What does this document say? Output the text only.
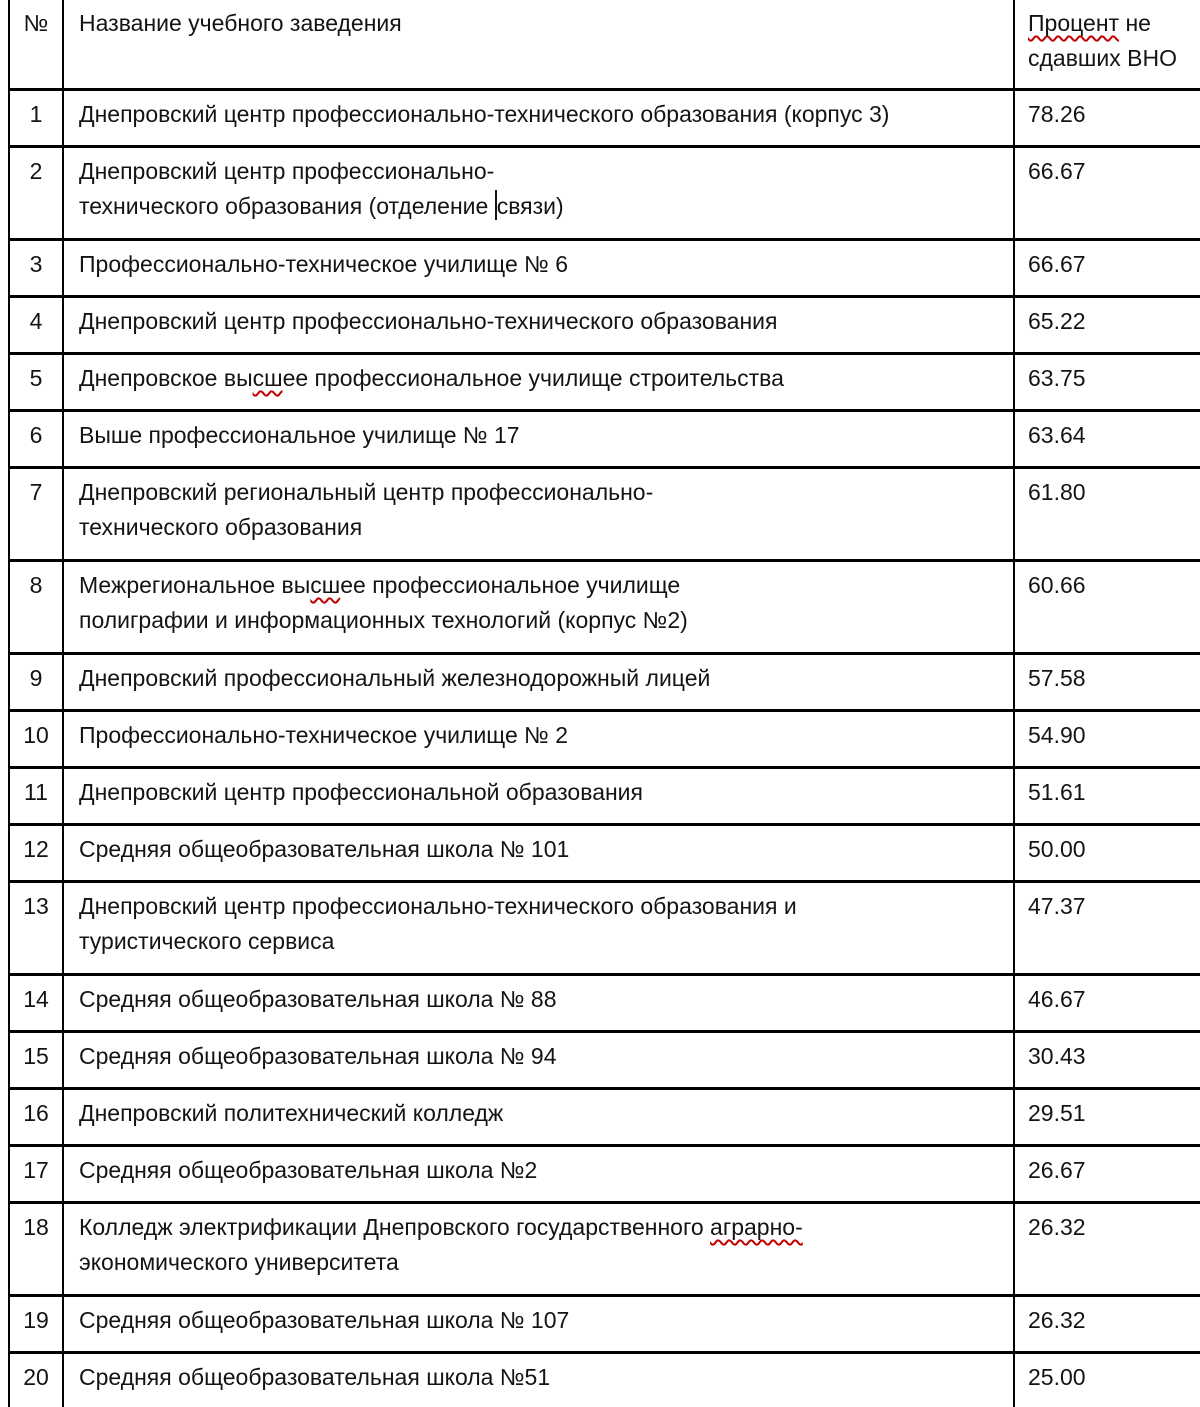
№	Название учебного заведения	Процент не
сдавших ВНО

1	Днепровский центр профессионально-технического образования (корпус 3)	78.26
2	Днепровский центр профессионально-
технического образования (отделение связи)	66.67
3	Профессионально-техническое училище № 6	66.67
4	Днепровский центр профессионально-технического образования	65.22
5	Днепровское высшее профессиональное училище строительства	63.75
6	Выше профессиональное училище № 17	63.64
7	Днепровский региональный центр профессионально-
технического образования	61.80
8	Межрегиональное высшее профессиональное училище
полиграфии и информационных технологий (корпус №2)	60.66
9	Днепровский профессиональный железнодорожный лицей	57.58
10	Профессионально-техническое училище № 2	54.90
11	Днепровский центр профессиональной образования	51.61
12	Средняя общеобразовательная школа № 101	50.00
13	Днепровский центр профессионально-технического образования и
туристического сервиса	47.37
14	Средняя общеобразовательная школа № 88	46.67
15	Средняя общеобразовательная школа № 94	30.43
16	Днепровский политехнический колледж	29.51
17	Средняя общеобразовательная школа №2	26.67
18	Колледж электрификации Днепровского государственного аграрно-
экономического университета	26.32
19	Средняя общеобразовательная школа № 107	26.32
20	Средняя общеобразовательная школа №51	25.00
